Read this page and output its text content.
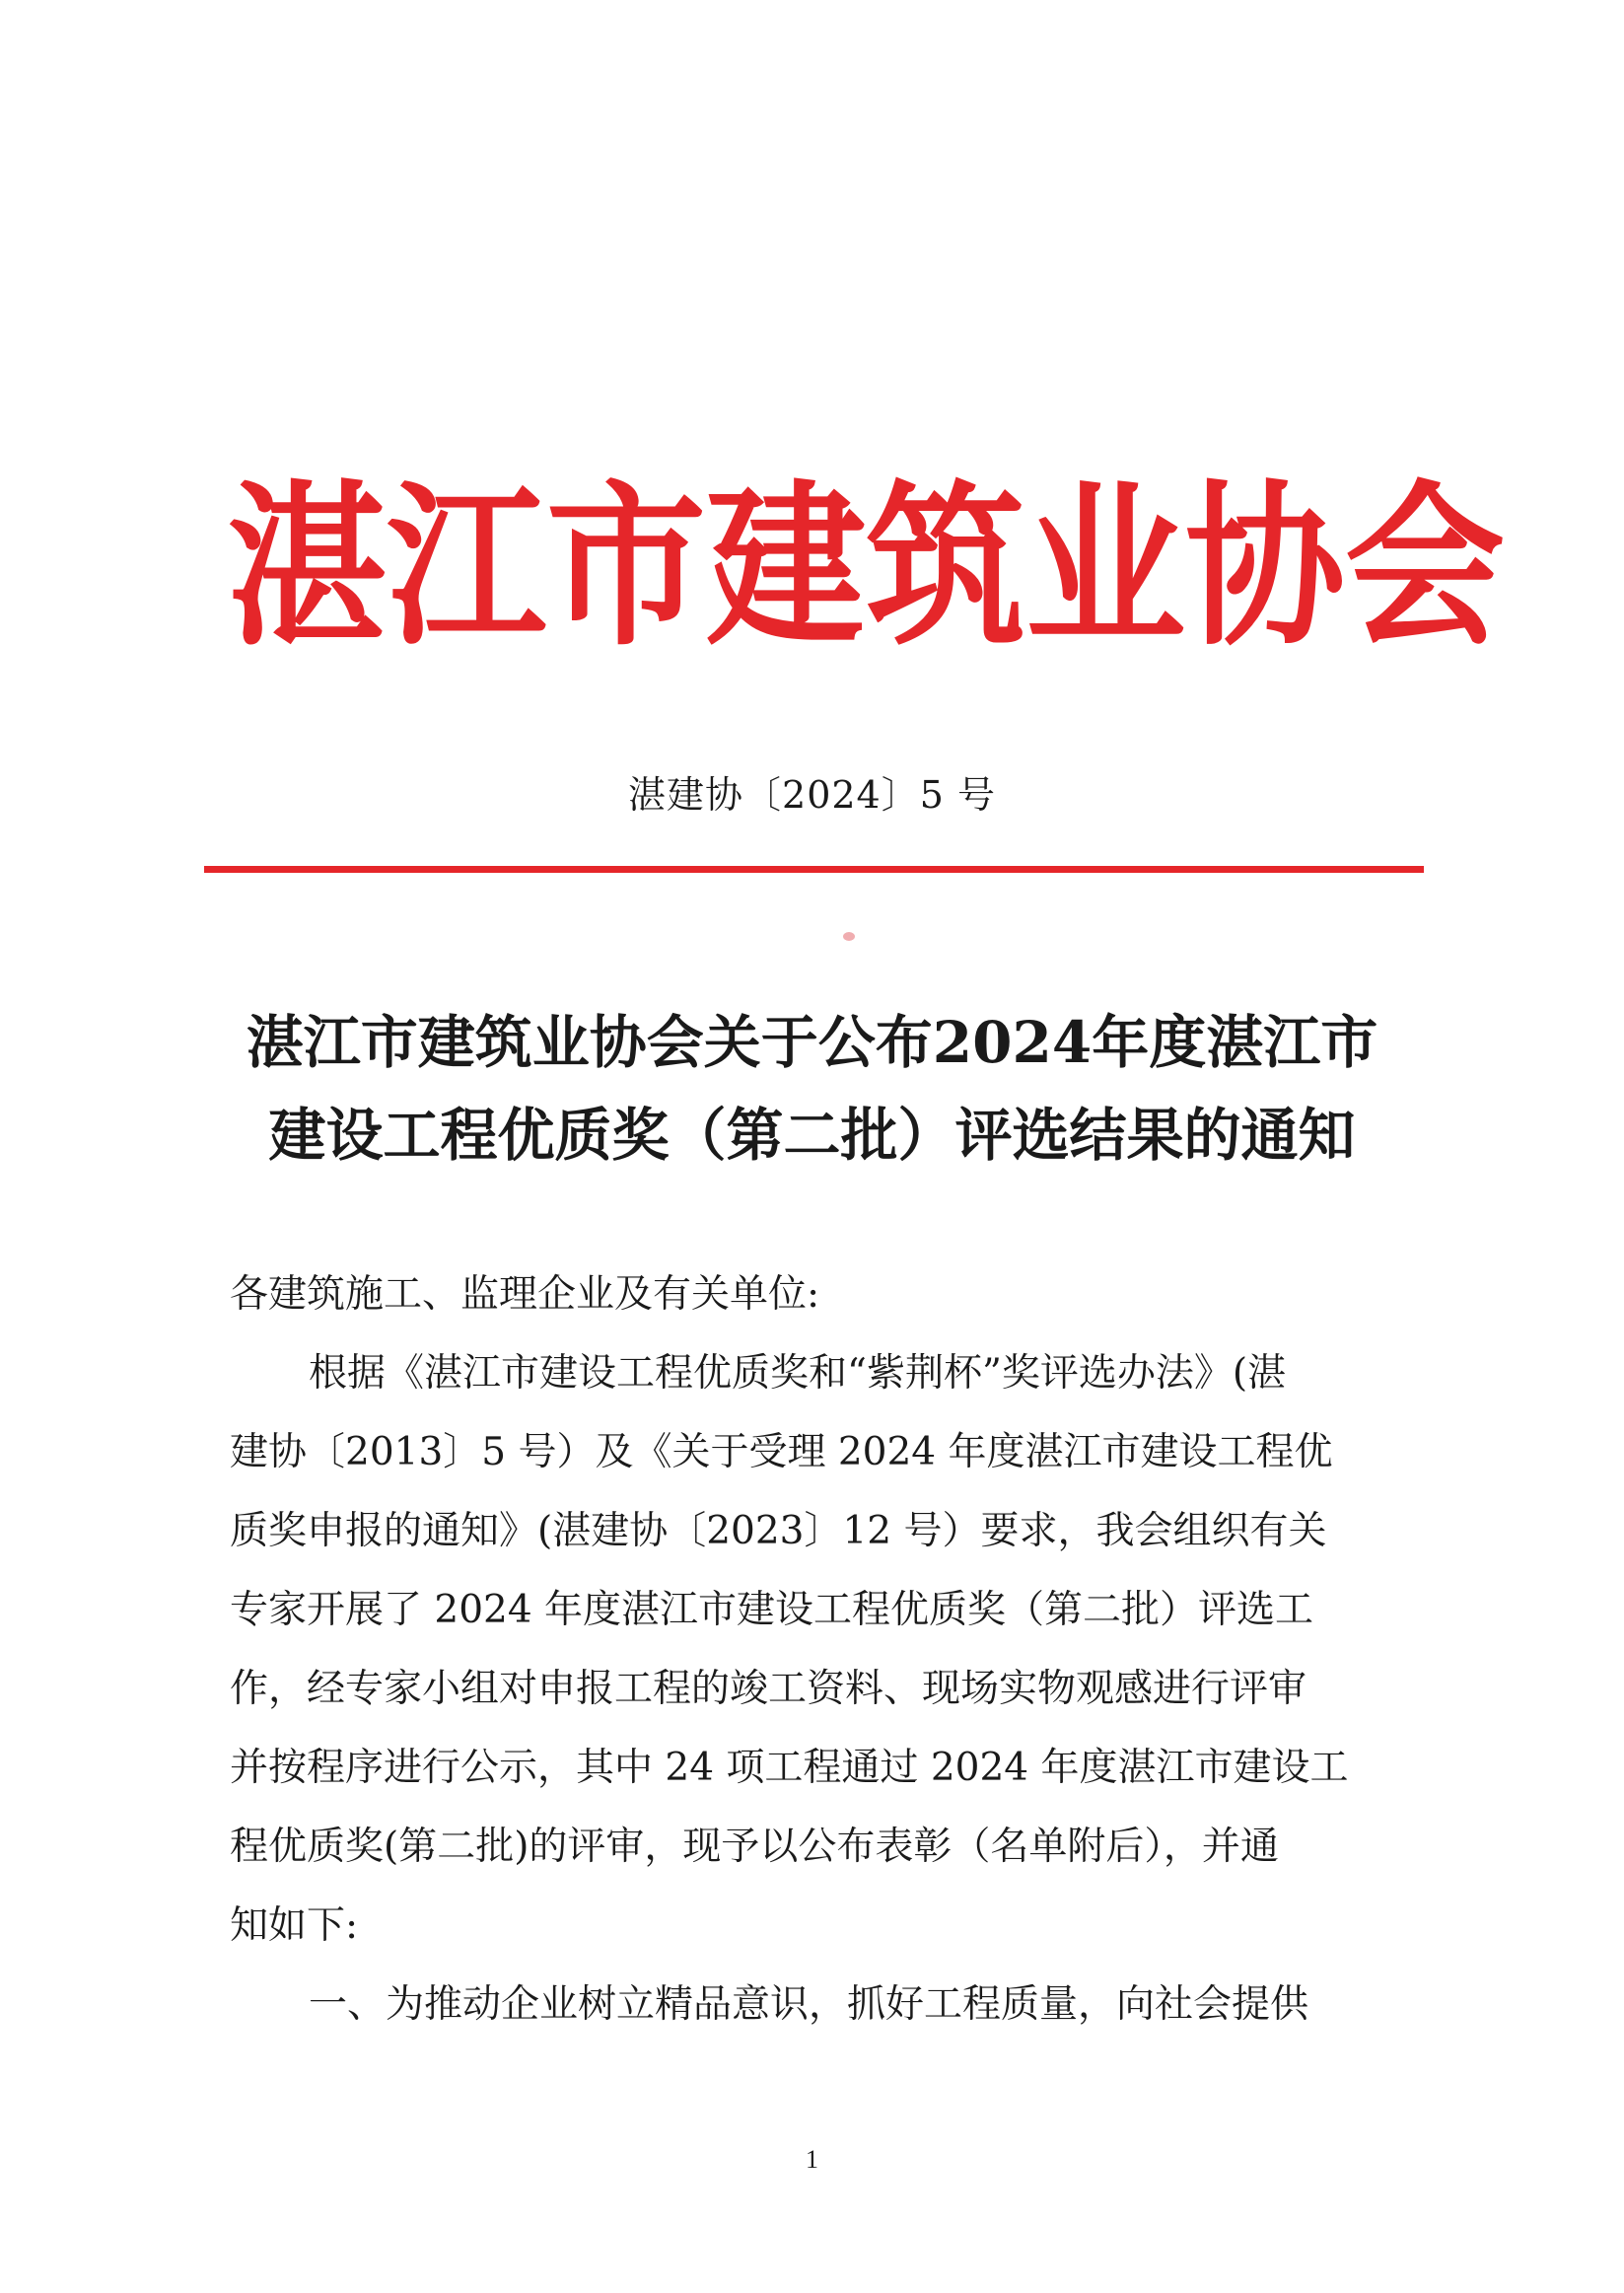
湛 江 市 建 筑 业 协 会
湛建协〔2024〕5 号
湛江市建筑业协会关于公布2024年度湛江市
建设工程优质奖（第二批）评选结果的通知

各建筑施工、监理企业及有关单位:

根据《湛江市建设工程优质奖和“紫荆杯”奖评选办法》(湛

建协〔2013〕5 号）及《关于受理 2024 年度湛江市建设工程优

质奖申报的通知》(湛建协〔2023〕12 号）要求，我会组织有关

专家开展了 2024 年度湛江市建设工程优质奖（第二批）评选工

作，经专家小组对申报工程的竣工资料、现场实物观感进行评审

并按程序进行公示，其中 24 项工程通过 2024 年度湛江市建设工

程优质奖(第二批)的评审，现予以公布表彰（名单附后），并通

知如下:

一、为推动企业树立精品意识，抓好工程质量，向社会提供

1
